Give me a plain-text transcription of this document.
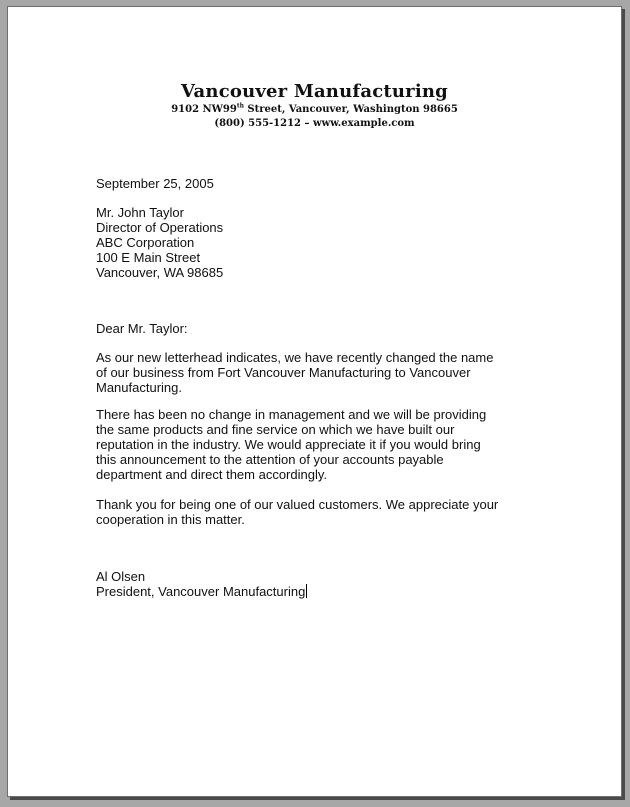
Vancouver Manufacturing
9102 NW99th Street, Vancouver, Washington 98665
(800) 555-1212 – www.example.com
September 25, 2005
Mr. John Taylor
Director of Operations
ABC Corporation
100 E Main Street
Vancouver, WA 98685
Dear Mr. Taylor:
As our new letterhead indicates, we have recently changed the name
of our business from Fort Vancouver Manufacturing to Vancouver
Manufacturing.
There has been no change in management and we will be providing
the same products and fine service on which we have built our
reputation in the industry. We would appreciate it if you would bring
this announcement to the attention of your accounts payable
department and direct them accordingly.
Thank you for being one of our valued customers. We appreciate your
cooperation in this matter.
Al Olsen
President, Vancouver Manufacturing
